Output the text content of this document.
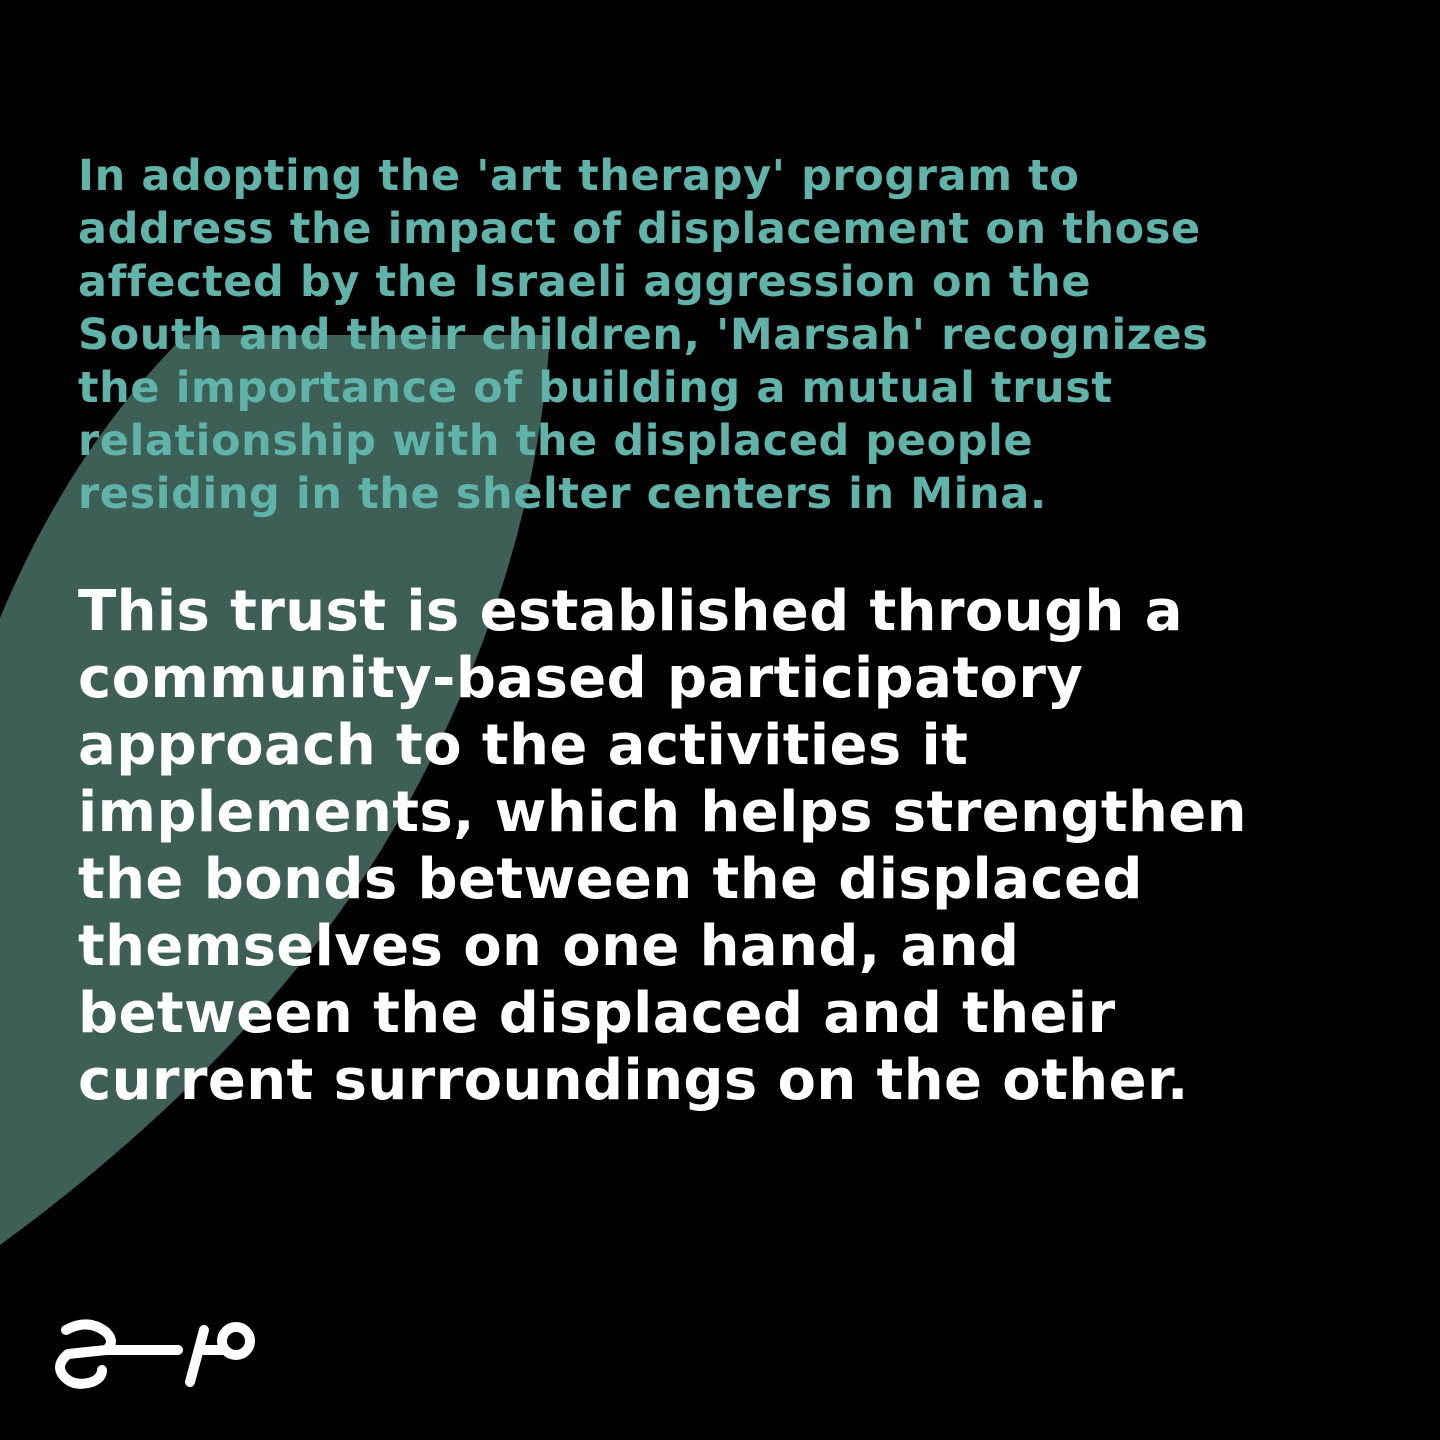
In adopting the 'art therapy' program to
address the impact of displacement on those
affected by the Israeli aggression on the
South and their children, 'Marsah' recognizes
the importance of building a mutual trust
relationship with the displaced people
residing in the shelter centers in Mina.

This trust is established through a
community-based participatory
approach to the activities it
implements, which helps strengthen
the bonds between the displaced
themselves on one hand, and
between the displaced and their
current surroundings on the other.
